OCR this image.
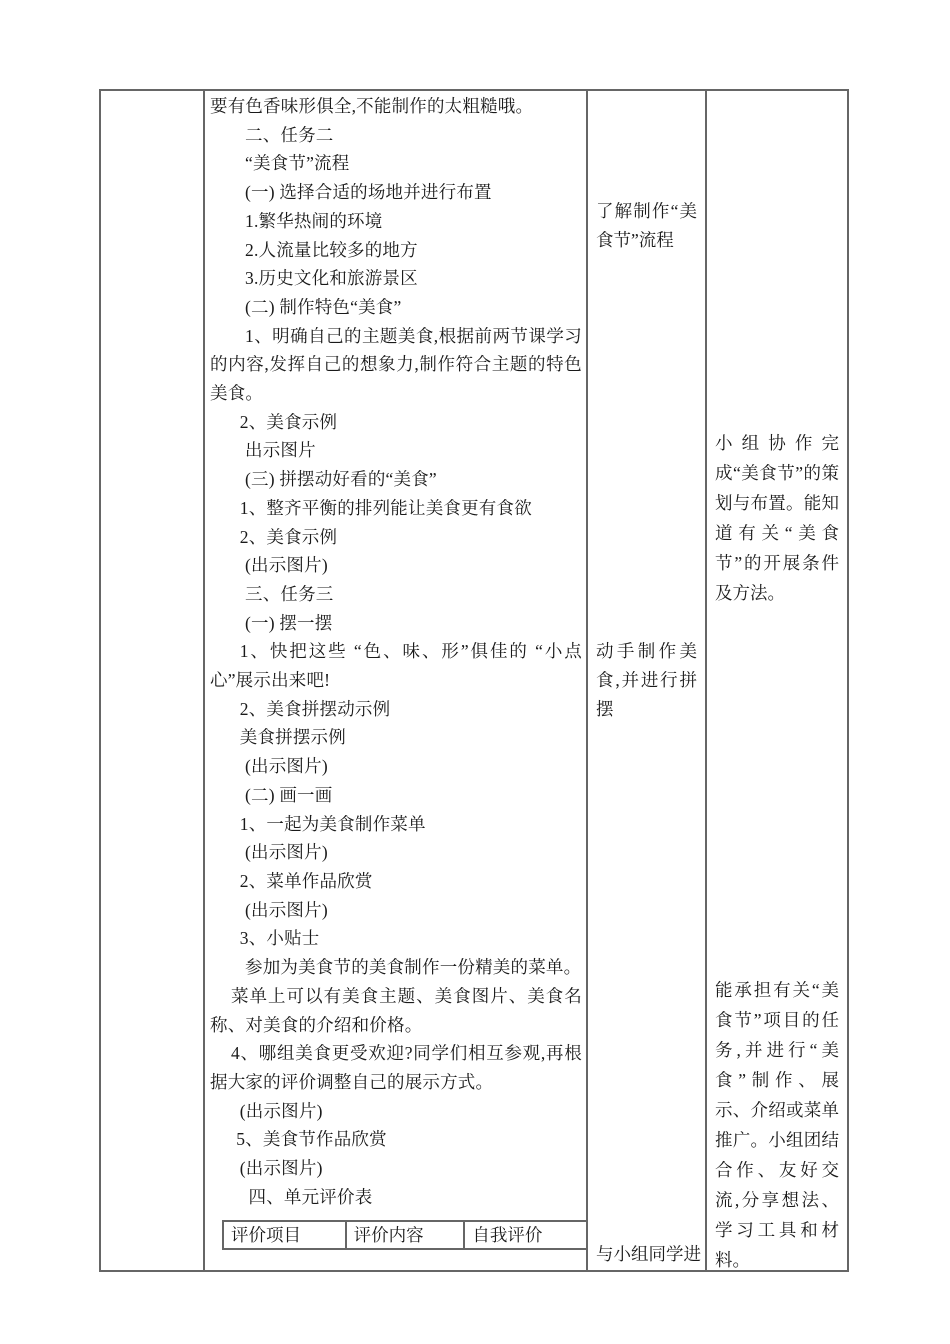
要有色香味形俱全,不能制作的太粗糙哦。
二、任务二
“美食节”流程
(一) 选择合适的场地并进行布置
1.繁华热闹的环境
2.人流量比较多的地方
3.历史文化和旅游景区
(二) 制作特色“美食”
1、明确自己的主题美食,根据前两节课学习的内容,发挥自己的想象力,制作符合主题的特色美食。
2、美食示例
出示图片
(三) 拼摆动好看的“美食”
1、整齐平衡的排列能让美食更有食欲
2、美食示例
(出示图片)
三、任务三
(一) 摆一摆
1、快把这些 “色、味、形”俱佳的 “小点心”展示出来吧!
2、美食拼摆动示例
美食拼摆示例
(出示图片)
(二) 画一画
1、一起为美食制作菜单
(出示图片)
2、菜单作品欣赏
(出示图片)
3、小贴士
参加为美食节的美食制作一份精美的菜单。
菜单上可以有美食主题、美食图片、美食名称、对美食的介绍和价格。
4、哪组美食更受欢迎?同学们相互参观,再根据大家的评价调整自己的展示方式。
(出示图片)
5、美食节作品欣赏
(出示图片)
四、单元评价表
评价项目	评价内容	自我评价
了解制作“美食节”流程
动手制作美食,并进行拼摆
与小组同学进
小组协作完成“美食节”的策划与布置。能知道有关“美食节”的开展条件及方法。
能承担有关“美食节”项目的任务,并进行“美食”制作、展示、介绍或菜单推广。小组团结合作、友好交流,分享想法、学习工具和材料。
